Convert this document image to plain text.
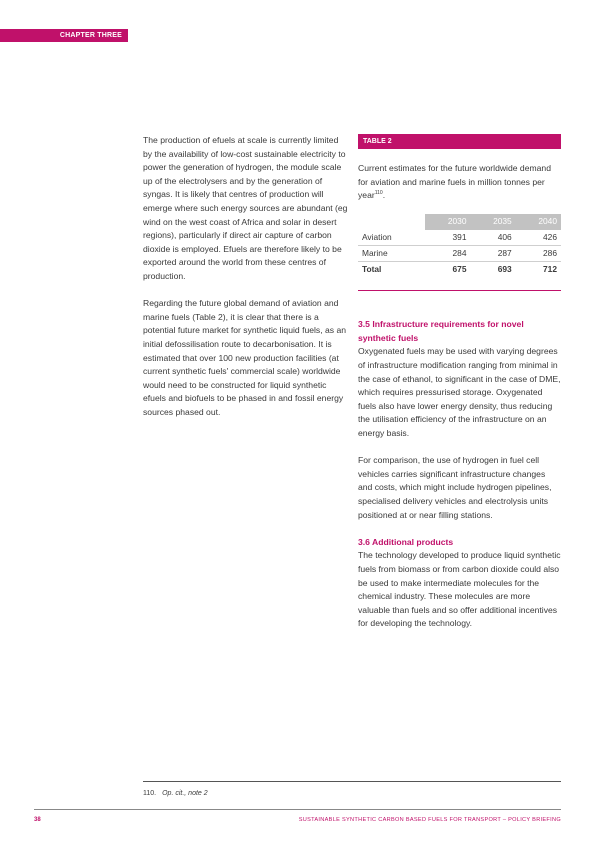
CHAPTER THREE

The production of efuels at scale is currently limited by the availability of low-cost sustainable electricity to power the generation of hydrogen, the module scale up of the electrolysers and by the generation of syngas. It is likely that centres of production will emerge where such energy sources are abundant (eg wind on the west coast of Africa and solar in desert regions), particularly if direct air capture of carbon dioxide is employed. Efuels are therefore likely to be exported around the world from these centres of production.

Regarding the future global demand of aviation and marine fuels (Table 2), it is clear that there is a potential future market for synthetic liquid fuels, as an initial defossilisation route to decarbonisation. It is estimated that over 100 new production facilities (at current synthetic fuels' commercial scale) worldwide would need to be constructed for liquid synthetic efuels and biofuels to be phased in and fossil energy sources phased out.

TABLE 2
Current estimates for the future worldwide demand for aviation and marine fuels in million tonnes per year$^{110}$.
	2030	2035	2040
Aviation	391	406	426
Marine	284	287	286
Total	675	693	712
3.5 Infrastructure requirements for novel synthetic fuels
Oxygenated fuels may be used with varying degrees of infrastructure modification ranging from minimal in the case of ethanol, to significant in the case of DME, which requires pressurised storage. Oxygenated fuels also have lower energy density, thus reducing the utilisation efficiency of the infrastructure on an energy basis.
For comparison, the use of hydrogen in fuel cell vehicles carries significant infrastructure changes and costs, which might include hydrogen pipelines, specialised delivery vehicles and electrolysis units positioned at or near filling stations.
3.6 Additional products
The technology developed to produce liquid synthetic fuels from biomass or from carbon dioxide could also be used to make intermediate molecules for the chemical industry. These molecules are more valuable than fuels and so offer additional incentives for developing the technology.
110. Op. cit., note 2
38	SUSTAINABLE SYNTHETIC CARBON BASED FUELS FOR TRANSPORT – POLICY BRIEFING
